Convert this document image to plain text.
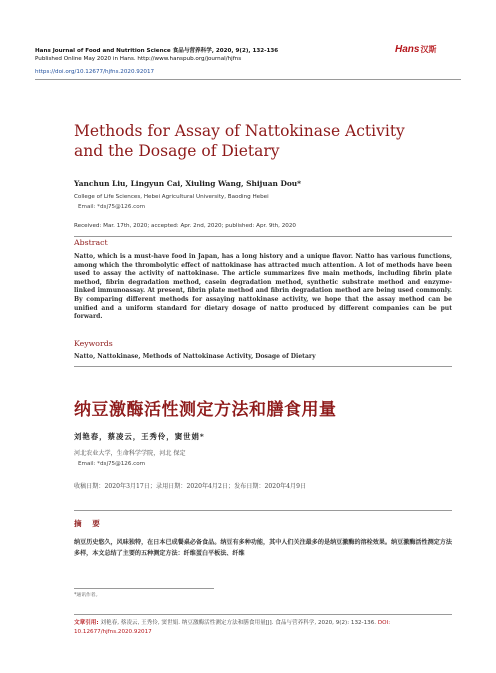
Hans Journal of Food and Nutrition Science 食品与营养科学, 2020, 9(2), 132-136
Published Online May 2020 in Hans. http://www.hanspub.org/journal/hjfns
https://doi.org/10.12677/hjfns.2020.92017
Hans 汉斯
Methods for Assay of Nattokinase Activity and the Dosage of Dietary
Yanchun Liu, Lingyun Cai, Xiuling Wang, Shijuan Dou*
College of Life Sciences, Hebei Agricultural University, Baoding Hebei
Email: *dsj75@126.com
Received: Mar. 17th, 2020; accepted: Apr. 2nd, 2020; published: Apr. 9th, 2020
Abstract
Natto, which is a must-have food in Japan, has a long history and a unique flavor. Natto has various functions, among which the thrombolytic effect of nattokinase has attracted much attention. A lot of methods have been used to assay the activity of nattokinase. The article summarizes five main methods, including fibrin plate method, fibrin degradation method, casein degradation method, synthetic substrate method and enzyme-linked immunoassay. At present, fibrin plate method and fibrin degradation method are being used commonly. By comparing different methods for assaying nattokinase activity, we hope that the assay method can be unified and a uniform standard for dietary dosage of natto produced by different companies can be put forward.
Keywords
Natto, Nattokinase, Methods of Nattokinase Activity, Dosage of Dietary
纳豆激酶活性测定方法和膳食用量
刘艳春，蔡凌云，王秀伶，窦世娟*
河北农业大学，生命科学学院，河北 保定
Email: *dsj75@126.com
收稿日期：2020年3月17日；录用日期：2020年4月2日；发布日期：2020年4月9日
摘 要
纳豆历史悠久，风味独特，在日本已成餐桌必备食品。纳豆有多种功能，其中人们关注最多的是纳豆激酶的溶栓效果。纳豆激酶活性测定方法多样，本文总结了主要的五种测定方法：纤维蛋白平板法、纤维
*通讯作者。
文章引用: 刘艳春, 蔡凌云, 王秀伶, 窦世娟. 纳豆激酶活性测定方法和膳食用量[J]. 食品与营养科学, 2020, 9(2): 132-136. DOI: 10.12677/hjfns.2020.92017
